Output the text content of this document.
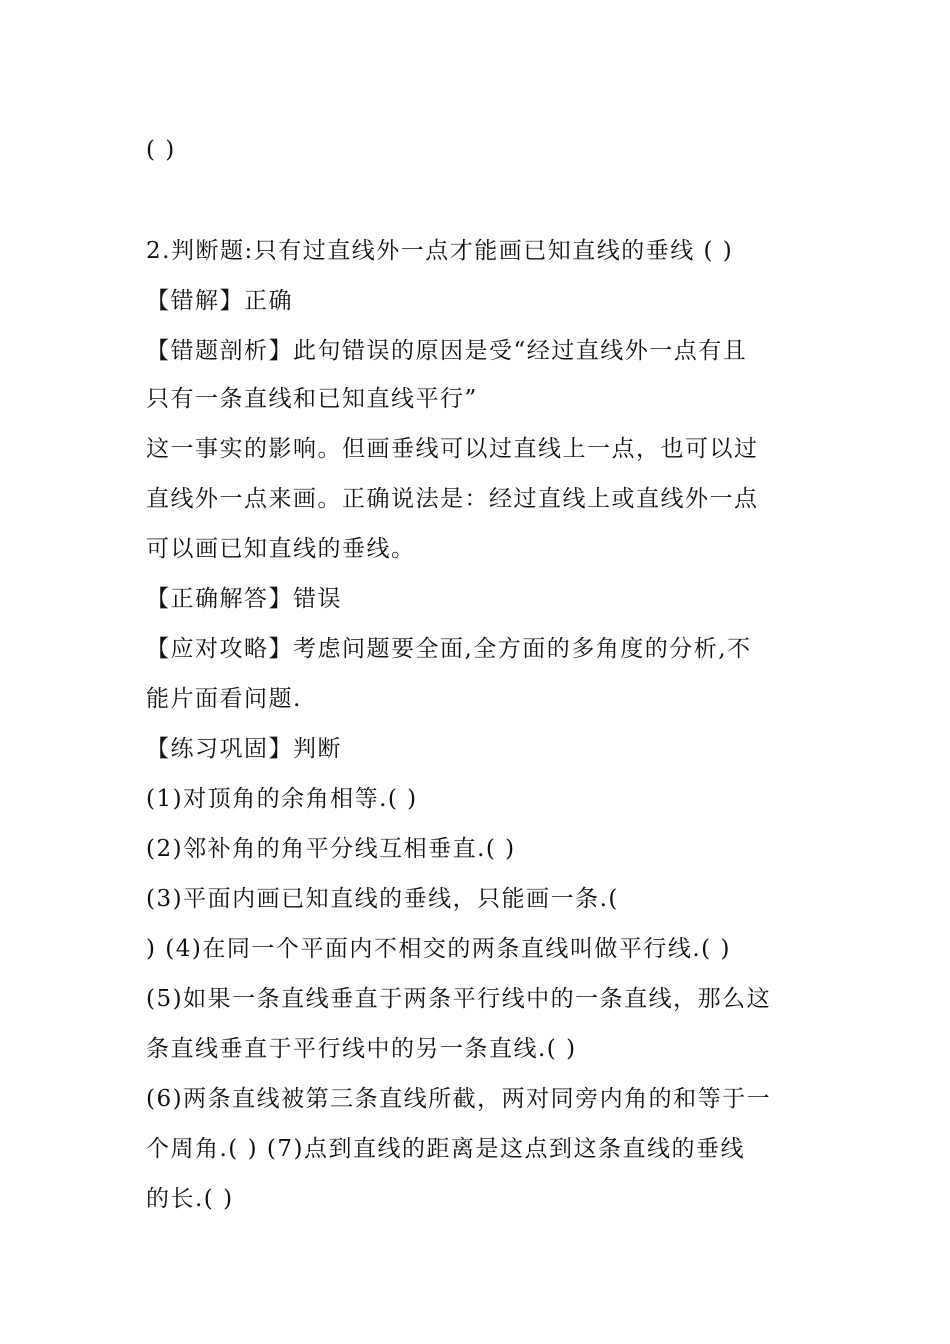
( )
2.判断题:只有过直线外一点才能画已知直线的垂线 ( )
【错解】正确
【错题剖析】此句错误的原因是受“经过直线外一点有且
只有一条直线和已知直线平行”
这一事实的影响。但画垂线可以过直线上一点，也可以过
直线外一点来画。正确说法是：经过直线上或直线外一点
可以画已知直线的垂线。
【正确解答】错误
【应对攻略】考虑问题要全面,全方面的多角度的分析,不
能片面看问题.
【练习巩固】判断
(1)对顶角的余角相等.( )
(2)邻补角的角平分线互相垂直.( )
(3)平面内画已知直线的垂线，只能画一条.(
) (4)在同一个平面内不相交的两条直线叫做平行线.( )
(5)如果一条直线垂直于两条平行线中的一条直线，那么这
条直线垂直于平行线中的另一条直线.( )
(6)两条直线被第三条直线所截，两对同旁内角的和等于一
个周角.( ) (7)点到直线的距离是这点到这条直线的垂线
的长.( )
